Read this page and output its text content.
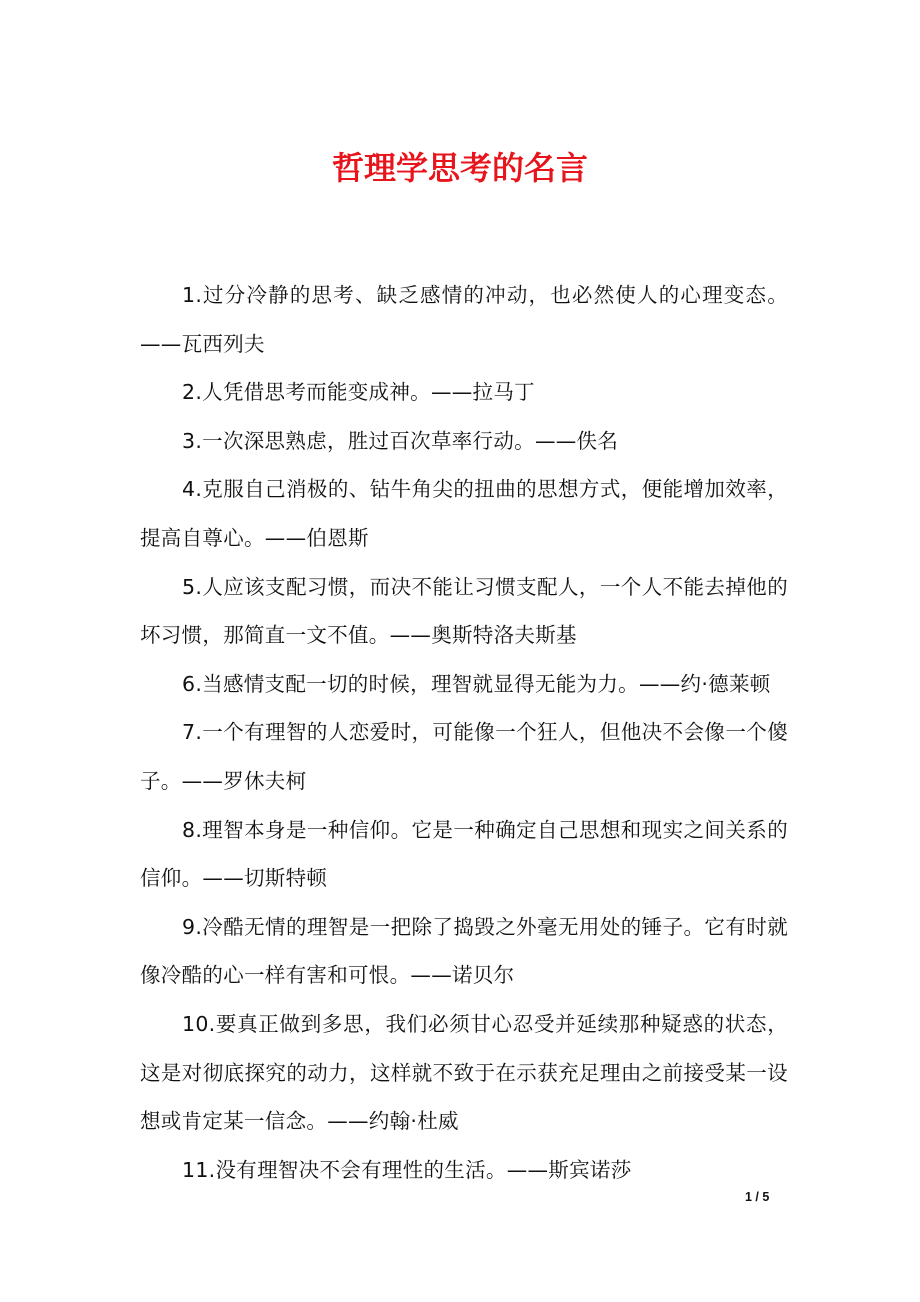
哲理学思考的名言

1.过分冷静的思考、缺乏感情的冲动，也必然使人的心理变态。——瓦西列夫

2.人凭借思考而能变成神。——拉马丁

3.一次深思熟虑，胜过百次草率行动。——佚名

4.克服自己消极的、钻牛角尖的扭曲的思想方式，便能增加效率，提高自尊心。——伯恩斯

5.人应该支配习惯，而决不能让习惯支配人，一个人不能去掉他的坏习惯，那简直一文不值。——奥斯特洛夫斯基

6.当感情支配一切的时候，理智就显得无能为力。——约·德莱顿

7.一个有理智的人恋爱时，可能像一个狂人，但他决不会像一个傻子。——罗休夫柯

8.理智本身是一种信仰。它是一种确定自己思想和现实之间关系的信仰。——切斯特顿

9.冷酷无情的理智是一把除了捣毁之外毫无用处的锤子。它有时就像冷酷的心一样有害和可恨。——诺贝尔

10.要真正做到多思，我们必须甘心忍受并延续那种疑惑的状态，这是对彻底探究的动力，这样就不致于在示获充足理由之前接受某一设想或肯定某一信念。——约翰·杜威

11.没有理智决不会有理性的生活。——斯宾诺莎

1 / 5
